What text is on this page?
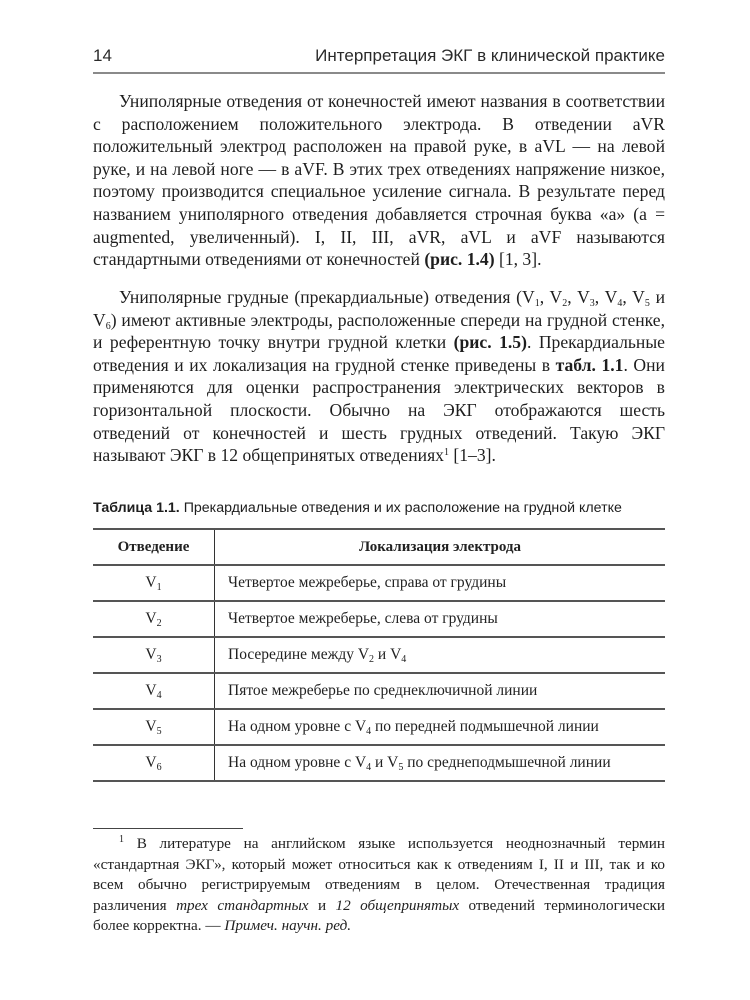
14	Интерпретация ЭКГ в клинической практике

Униполярные отведения от конечностей имеют названия в соответствии с расположением положительного электрода. В отведении aVR положительный электрод расположен на правой руке, в aVL — на левой руке, и на левой ноге — в aVF. В этих трех отведениях напряжение низкое, поэтому производится специальное усиление сигнала. В результате перед названием униполярного отведения добавляется строчная буква «а» (а = augmented, увеличенный). I, II, III, aVR, aVL и aVF называются стандартными отведениями от конечностей (рис. 1.4) [1, 3].

Униполярные грудные (прекардиальные) отведения ($V_1$, $V_2$, $V_3$, $V_4$, $V_5$ и $V_6$) имеют активные электроды, расположенные спереди на грудной стенке, и референтную точку внутри грудной клетки (рис. 1.5). Прекардиальные отведения и их локализация на грудной стенке приведены в табл. 1.1. Они применяются для оценки распространения электрических векторов в горизонтальной плоскости. Обычно на ЭКГ отображаются шесть отведений от конечностей и шесть грудных отведений. Такую ЭКГ называют ЭКГ в 12 общепринятых отведениях$^1$ [1–3].

Таблица 1.1. Прекардиальные отведения и их расположение на грудной клетке
Отведение	Локализация электрода
$V_1$	Четвертое межреберье, справа от грудины
$V_2$	Четвертое межреберье, слева от грудины
$V_3$	Посередине между $V_2$ и $V_4$
$V_4$	Пятое межреберье по среднеключичной линии
$V_5$	На одном уровне с $V_4$ по передней подмышечной линии
$V_6$	На одном уровне с $V_4$ и $V_5$ по среднеподмышечной линии

$^1$ В литературе на английском языке используется неоднозначный термин «стандартная ЭКГ», который может относиться как к отведениям I, II и III, так и ко всем обычно регистрируемым отведениям в целом. Отечественная традиция различения трех стандартных и 12 общепринятых отведений терминологически более корректна. — Примеч. научн. ред.
